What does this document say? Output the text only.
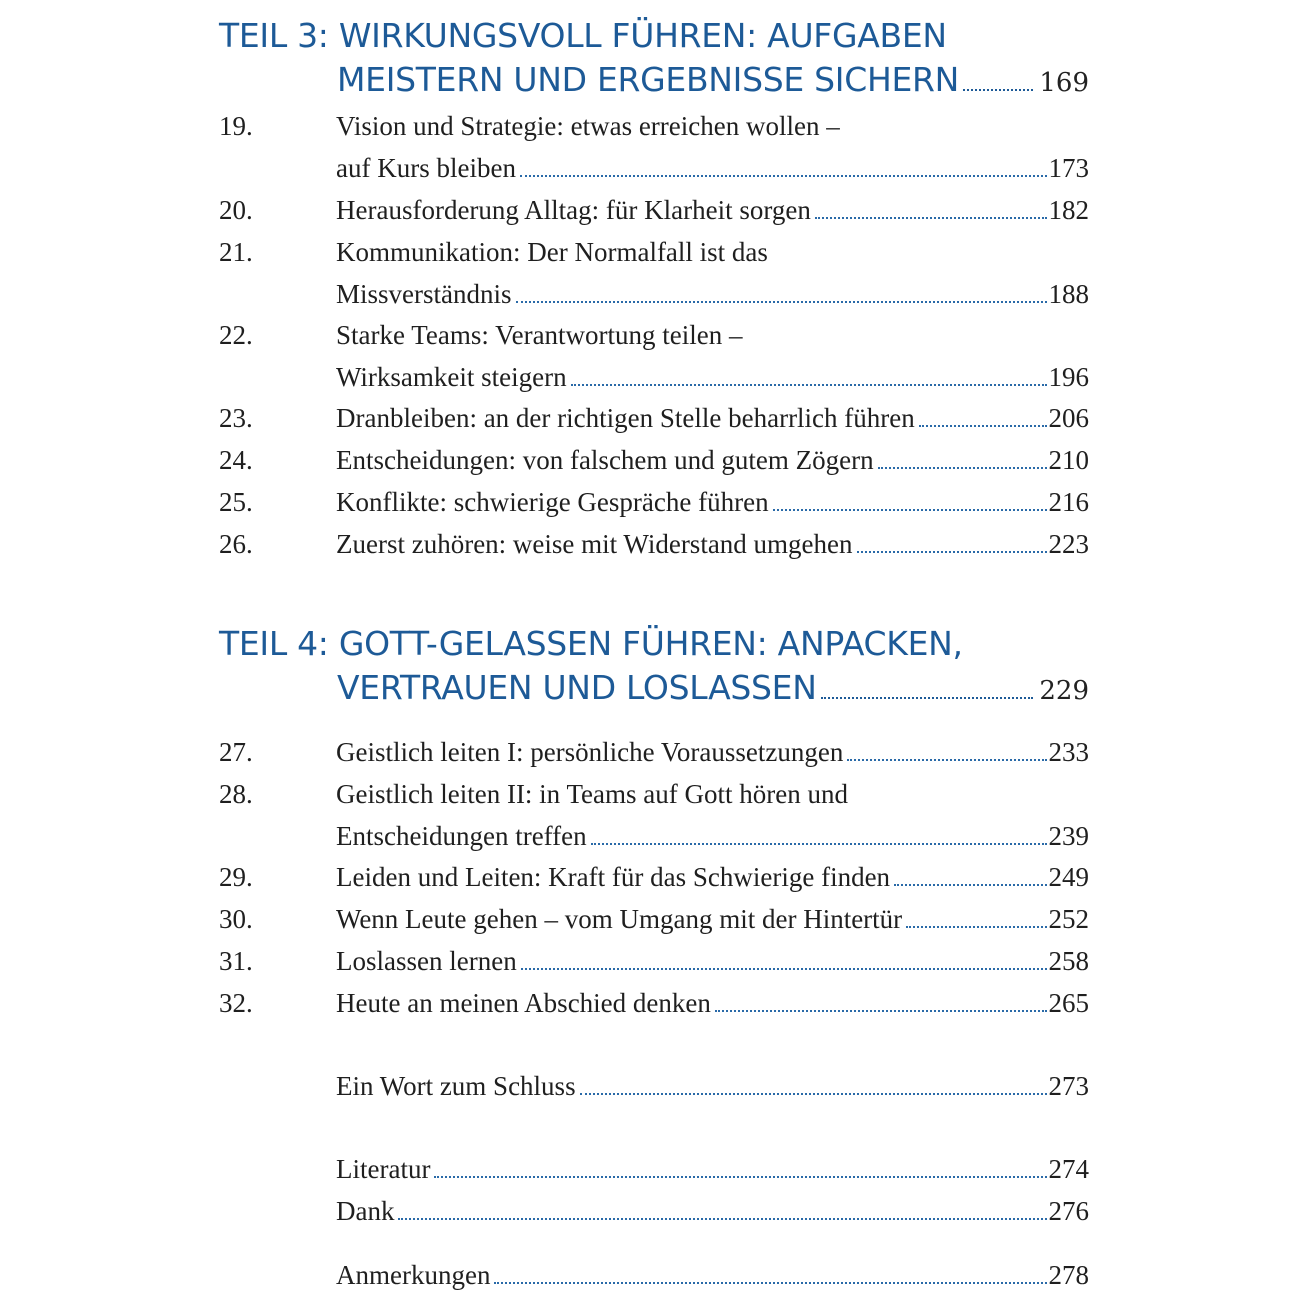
TEIL 3: WIRKUNGSVOLL FÜHREN: AUFGABEN
MEISTERN UND ERGEBNISSE SICHERN	169
19.	Vision und Strategie: etwas erreichen wollen –
auf Kurs bleiben	173
20.	Herausforderung Alltag: für Klarheit sorgen	182
21.	Kommunikation: Der Normalfall ist das
Missverständnis	188
22.	Starke Teams: Verantwortung teilen –
Wirksamkeit steigern	196
23.	Dranbleiben: an der richtigen Stelle beharrlich führen	206
24.	Entscheidungen: von falschem und gutem Zögern	210
25.	Konflikte: schwierige Gespräche führen	216
26.	Zuerst zuhören: weise mit Widerstand umgehen	223
TEIL 4: GOTT-GELASSEN FÜHREN: ANPACKEN,
VERTRAUEN UND LOSLASSEN	229
27.	Geistlich leiten I: persönliche Voraussetzungen	233
28.	Geistlich leiten II: in Teams auf Gott hören und
Entscheidungen treffen	239
29.	Leiden und Leiten: Kraft für das Schwierige finden	249
30.	Wenn Leute gehen – vom Umgang mit der Hintertür	252
31.	Loslassen lernen	258
32.	Heute an meinen Abschied denken	265
Ein Wort zum Schluss	273
Literatur	274
Dank	276
Anmerkungen	278
